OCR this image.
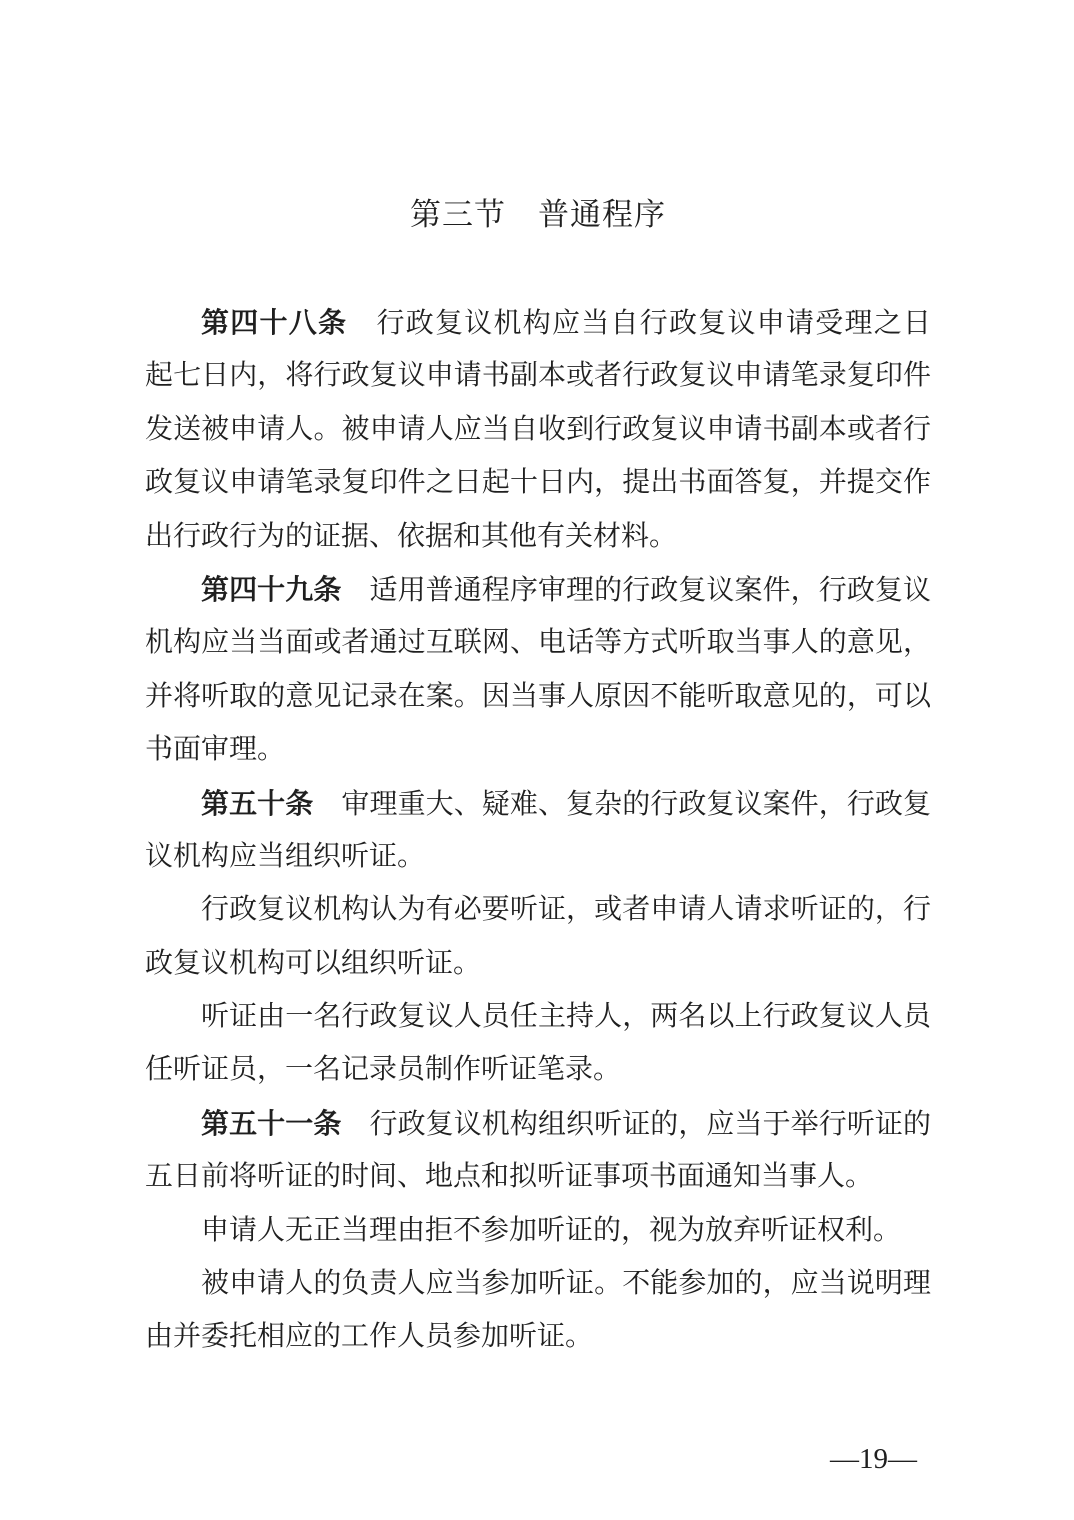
第三节　普通程序
第四十八条　行政复议机构应当自行政复议申请受理之日
起七日内，将行政复议申请书副本或者行政复议申请笔录复印件
发送被申请人。被申请人应当自收到行政复议申请书副本或者行
政复议申请笔录复印件之日起十日内，提出书面答复，并提交作
出行政行为的证据、依据和其他有关材料。
第四十九条　适用普通程序审理的行政复议案件，行政复议
机构应当当面或者通过互联网、电话等方式听取当事人的意见，
并将听取的意见记录在案。因当事人原因不能听取意见的，可以
书面审理。
第五十条　审理重大、疑难、复杂的行政复议案件，行政复
议机构应当组织听证。
行政复议机构认为有必要听证，或者申请人请求听证的，行
政复议机构可以组织听证。
听证由一名行政复议人员任主持人，两名以上行政复议人员
任听证员，一名记录员制作听证笔录。
第五十一条　行政复议机构组织听证的，应当于举行听证的
五日前将听证的时间、地点和拟听证事项书面通知当事人。
申请人无正当理由拒不参加听证的，视为放弃听证权利。
被申请人的负责人应当参加听证。不能参加的，应当说明理
由并委托相应的工作人员参加听证。
—19—
